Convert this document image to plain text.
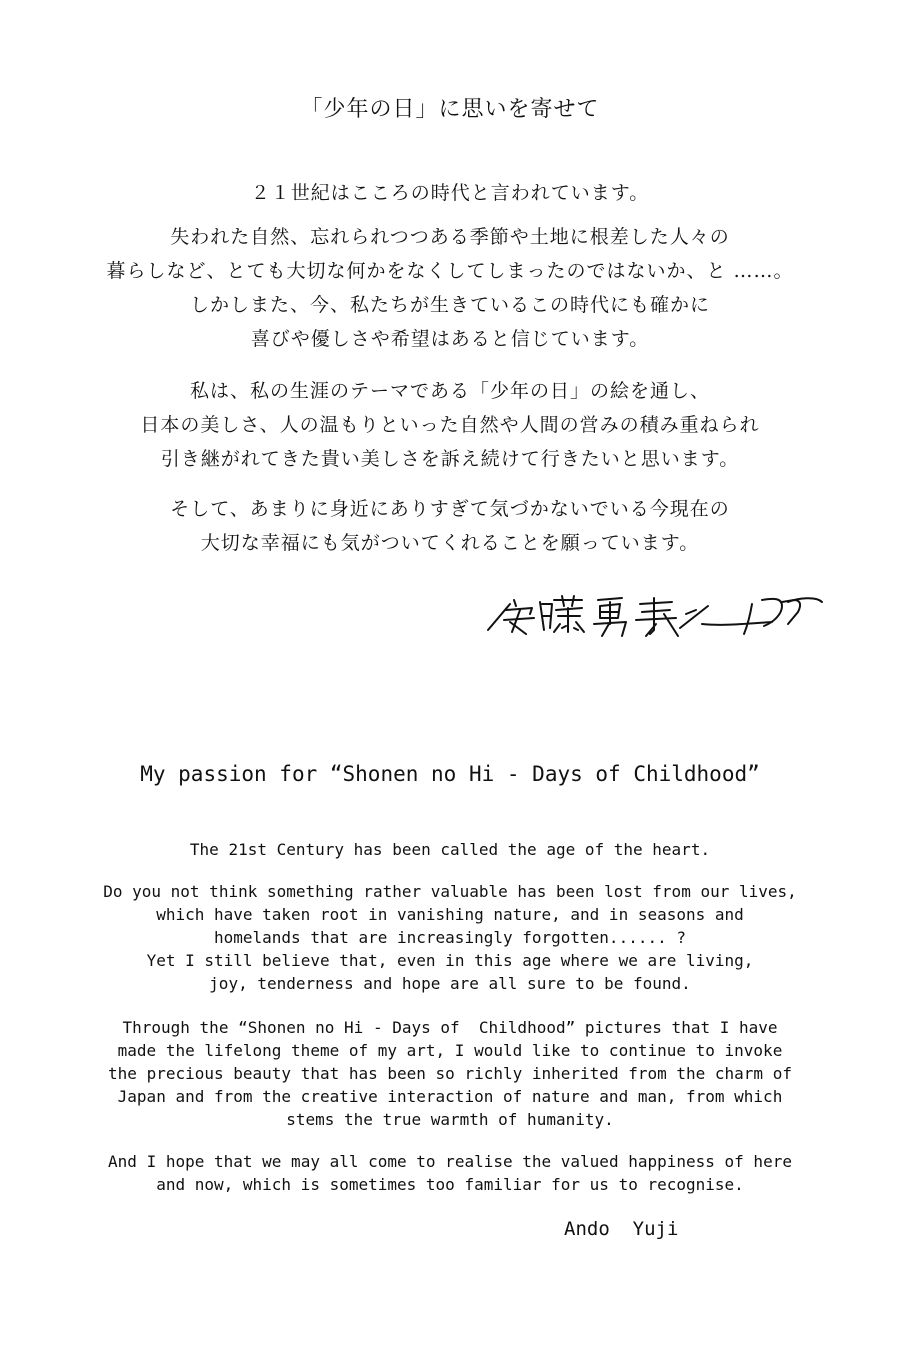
「少年の日」に思いを寄せて
２１世紀はこころの時代と言われています。
失われた自然、忘れられつつある季節や土地に根差した人々の
暮らしなど、とても大切な何かをなくしてしまったのではないか、と ……。
しかしまた、今、私たちが生きているこの時代にも確かに
喜びや優しさや希望はあると信じています。
私は、私の生涯のテーマである「少年の日」の絵を通し、
日本の美しさ、人の温もりといった自然や人間の営みの積み重ねられ
引き継がれてきた貴い美しさを訴え続けて行きたいと思います。
そして、あまりに身近にありすぎて気づかないでいる今現在の
大切な幸福にも気がついてくれることを願っています。
My passion for “Shonen no Hi - Days of Childhood”
The 21st Century has been called the age of the heart.
Do you not think something rather valuable has been lost from our lives,
which have taken root in vanishing nature, and in seasons and
homelands that are increasingly forgotten...... ?
Yet I still believe that, even in this age where we are living,
joy, tenderness and hope are all sure to be found.
Through the “Shonen no Hi - Days of  Childhood” pictures that I have
made the lifelong theme of my art, I would like to continue to invoke
the precious beauty that has been so richly inherited from the charm of
Japan and from the creative interaction of nature and man, from which
stems the true warmth of humanity.
And I hope that we may all come to realise the valued happiness of here
and now, which is sometimes too familiar for us to recognise.
Ando  Yuji
